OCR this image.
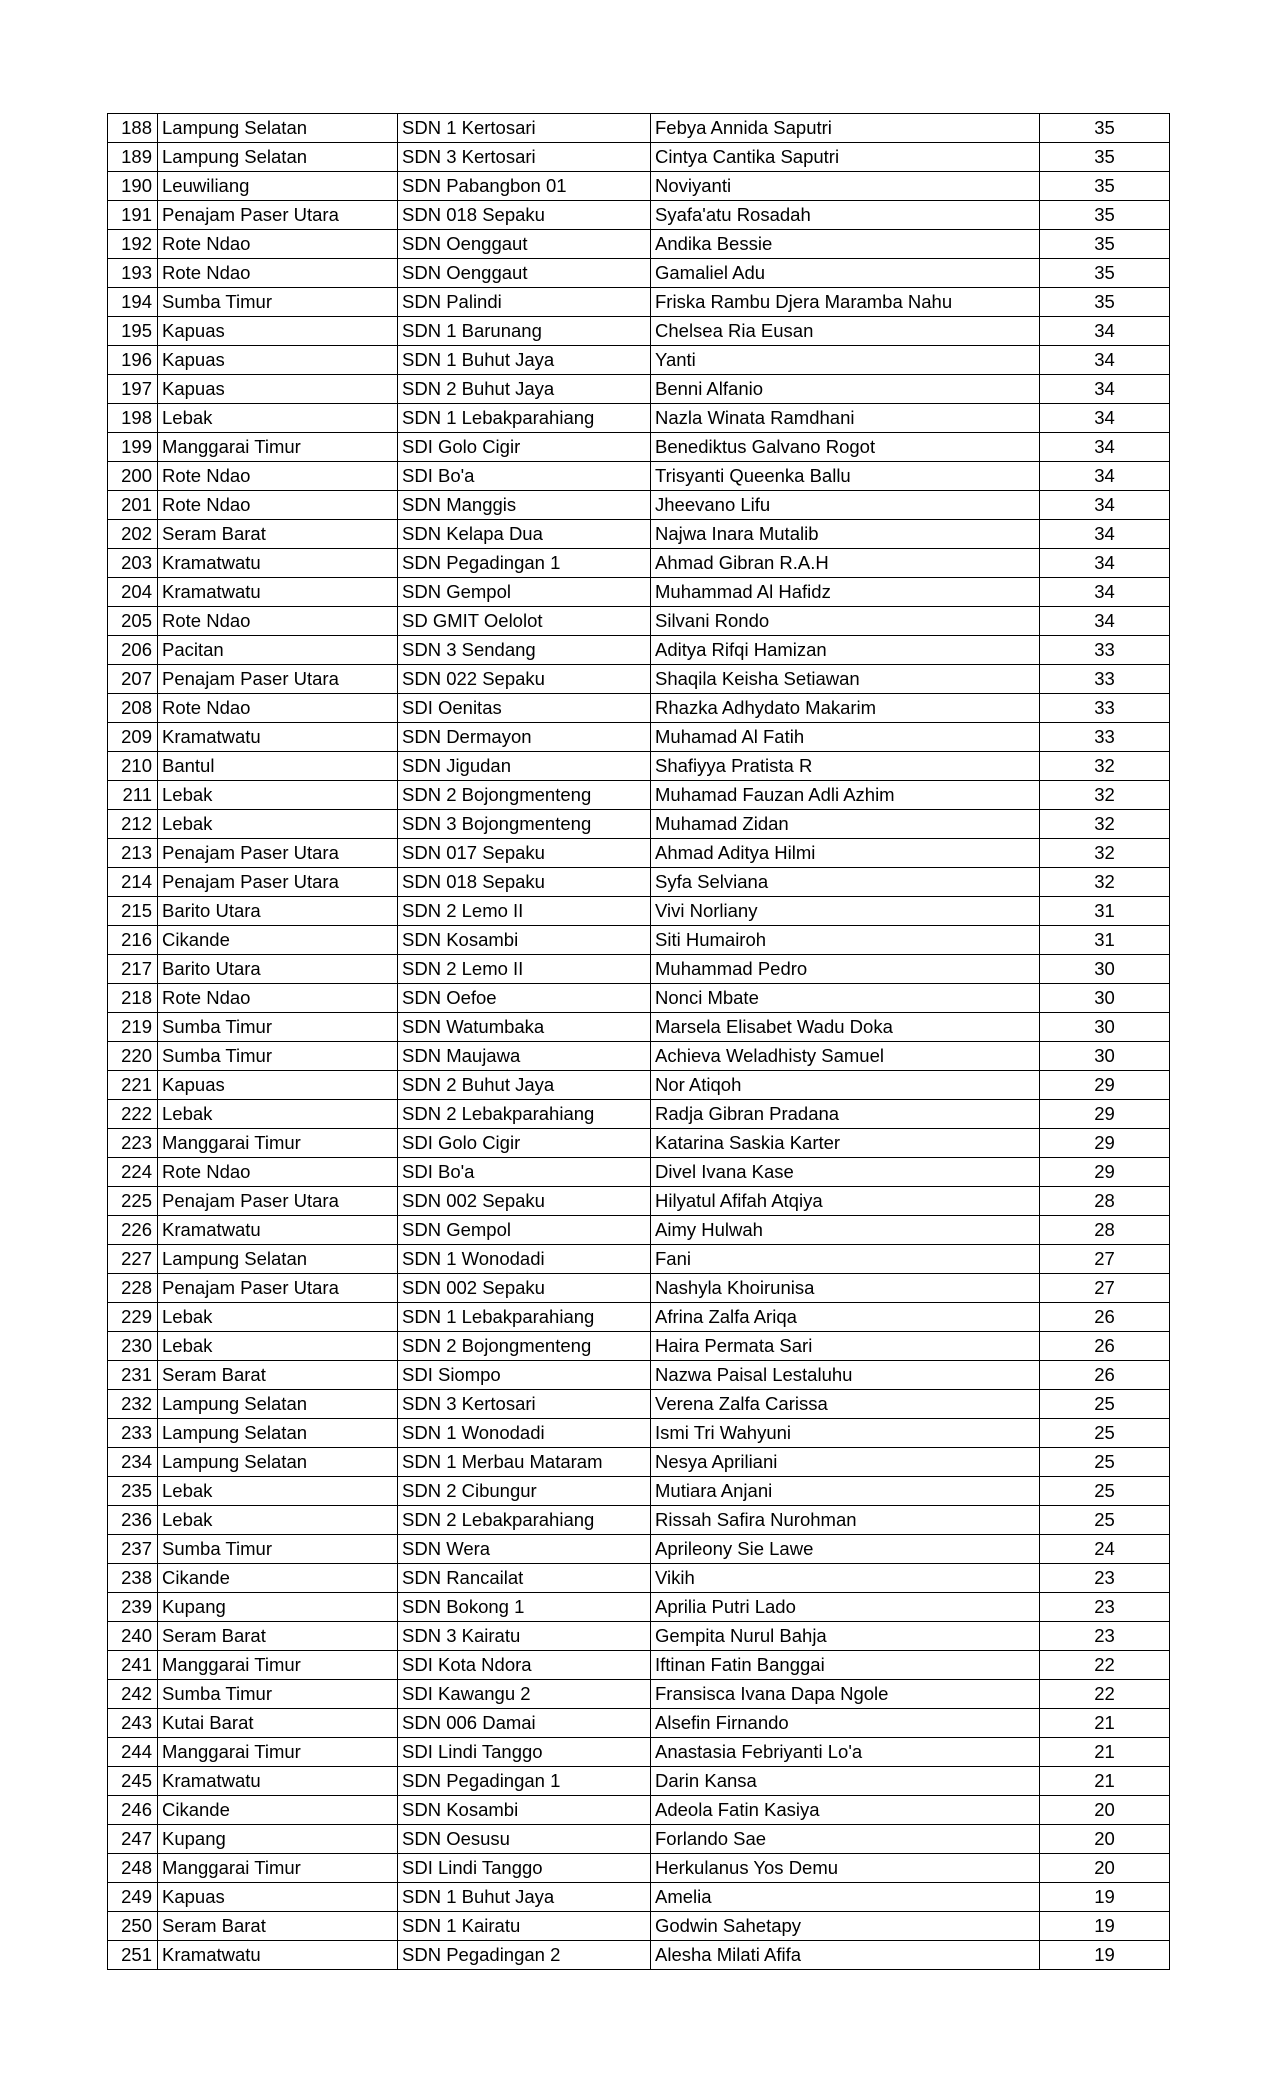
188	Lampung Selatan	SDN 1 Kertosari	Febya Annida Saputri	35
189	Lampung Selatan	SDN 3 Kertosari	Cintya Cantika Saputri	35
190	Leuwiliang	SDN Pabangbon 01	Noviyanti	35
191	Penajam Paser Utara	SDN 018 Sepaku	Syafa'atu Rosadah	35
192	Rote Ndao	SDN Oenggaut	Andika Bessie	35
193	Rote Ndao	SDN Oenggaut	Gamaliel Adu	35
194	Sumba Timur	SDN Palindi	Friska Rambu Djera Maramba Nahu	35
195	Kapuas	SDN 1 Barunang	Chelsea Ria Eusan	34
196	Kapuas	SDN 1 Buhut Jaya	Yanti	34
197	Kapuas	SDN 2 Buhut Jaya	Benni Alfanio	34
198	Lebak	SDN 1 Lebakparahiang	Nazla Winata Ramdhani	34
199	Manggarai Timur	SDI Golo Cigir	Benediktus Galvano Rogot	34
200	Rote Ndao	SDI Bo'a	Trisyanti Queenka Ballu	34
201	Rote Ndao	SDN Manggis	Jheevano Lifu	34
202	Seram Barat	SDN Kelapa Dua	Najwa Inara Mutalib	34
203	Kramatwatu	SDN Pegadingan 1	Ahmad Gibran R.A.H	34
204	Kramatwatu	SDN Gempol	Muhammad Al Hafidz	34
205	Rote Ndao	SD GMIT Oelolot	Silvani Rondo	34
206	Pacitan	SDN 3 Sendang	Aditya Rifqi Hamizan	33
207	Penajam Paser Utara	SDN 022 Sepaku	Shaqila Keisha Setiawan	33
208	Rote Ndao	SDI Oenitas	Rhazka Adhydato Makarim	33
209	Kramatwatu	SDN Dermayon	Muhamad Al Fatih	33
210	Bantul	SDN Jigudan	Shafiyya Pratista R	32
211	Lebak	SDN 2 Bojongmenteng	Muhamad Fauzan Adli Azhim	32
212	Lebak	SDN 3 Bojongmenteng	Muhamad Zidan	32
213	Penajam Paser Utara	SDN 017 Sepaku	Ahmad Aditya Hilmi	32
214	Penajam Paser Utara	SDN 018 Sepaku	Syfa Selviana	32
215	Barito Utara	SDN 2 Lemo II	Vivi Norliany	31
216	Cikande	SDN Kosambi	Siti Humairoh	31
217	Barito Utara	SDN 2 Lemo II	Muhammad Pedro	30
218	Rote Ndao	SDN Oefoe	Nonci Mbate	30
219	Sumba Timur	SDN Watumbaka	Marsela Elisabet Wadu Doka	30
220	Sumba Timur	SDN Maujawa	Achieva Weladhisty Samuel	30
221	Kapuas	SDN 2 Buhut Jaya	Nor Atiqoh	29
222	Lebak	SDN 2 Lebakparahiang	Radja Gibran Pradana	29
223	Manggarai Timur	SDI Golo Cigir	Katarina Saskia Karter	29
224	Rote Ndao	SDI Bo'a	Divel Ivana Kase	29
225	Penajam Paser Utara	SDN 002 Sepaku	Hilyatul Afifah Atqiya	28
226	Kramatwatu	SDN Gempol	Aimy Hulwah	28
227	Lampung Selatan	SDN 1 Wonodadi	Fani	27
228	Penajam Paser Utara	SDN 002 Sepaku	Nashyla Khoirunisa	27
229	Lebak	SDN 1 Lebakparahiang	Afrina Zalfa Ariqa	26
230	Lebak	SDN 2 Bojongmenteng	Haira Permata Sari	26
231	Seram Barat	SDI Siompo	Nazwa Paisal Lestaluhu	26
232	Lampung Selatan	SDN 3 Kertosari	Verena Zalfa Carissa	25
233	Lampung Selatan	SDN 1 Wonodadi	Ismi Tri Wahyuni	25
234	Lampung Selatan	SDN 1 Merbau Mataram	Nesya Apriliani	25
235	Lebak	SDN 2 Cibungur	Mutiara Anjani	25
236	Lebak	SDN 2 Lebakparahiang	Rissah Safira Nurohman	25
237	Sumba Timur	SDN Wera	Aprileony Sie Lawe	24
238	Cikande	SDN Rancailat	Vikih	23
239	Kupang	SDN Bokong 1	Aprilia Putri Lado	23
240	Seram Barat	SDN 3 Kairatu	Gempita Nurul Bahja	23
241	Manggarai Timur	SDI Kota Ndora	Iftinan Fatin Banggai	22
242	Sumba Timur	SDI Kawangu 2	Fransisca Ivana Dapa Ngole	22
243	Kutai Barat	SDN 006 Damai	Alsefin Firnando	21
244	Manggarai Timur	SDI Lindi Tanggo	Anastasia Febriyanti Lo'a	21
245	Kramatwatu	SDN Pegadingan 1	Darin Kansa	21
246	Cikande	SDN Kosambi	Adeola Fatin Kasiya	20
247	Kupang	SDN Oesusu	Forlando Sae	20
248	Manggarai Timur	SDI Lindi Tanggo	Herkulanus Yos Demu	20
249	Kapuas	SDN 1 Buhut Jaya	Amelia	19
250	Seram Barat	SDN 1 Kairatu	Godwin Sahetapy	19
251	Kramatwatu	SDN Pegadingan 2	Alesha Milati Afifa	19
